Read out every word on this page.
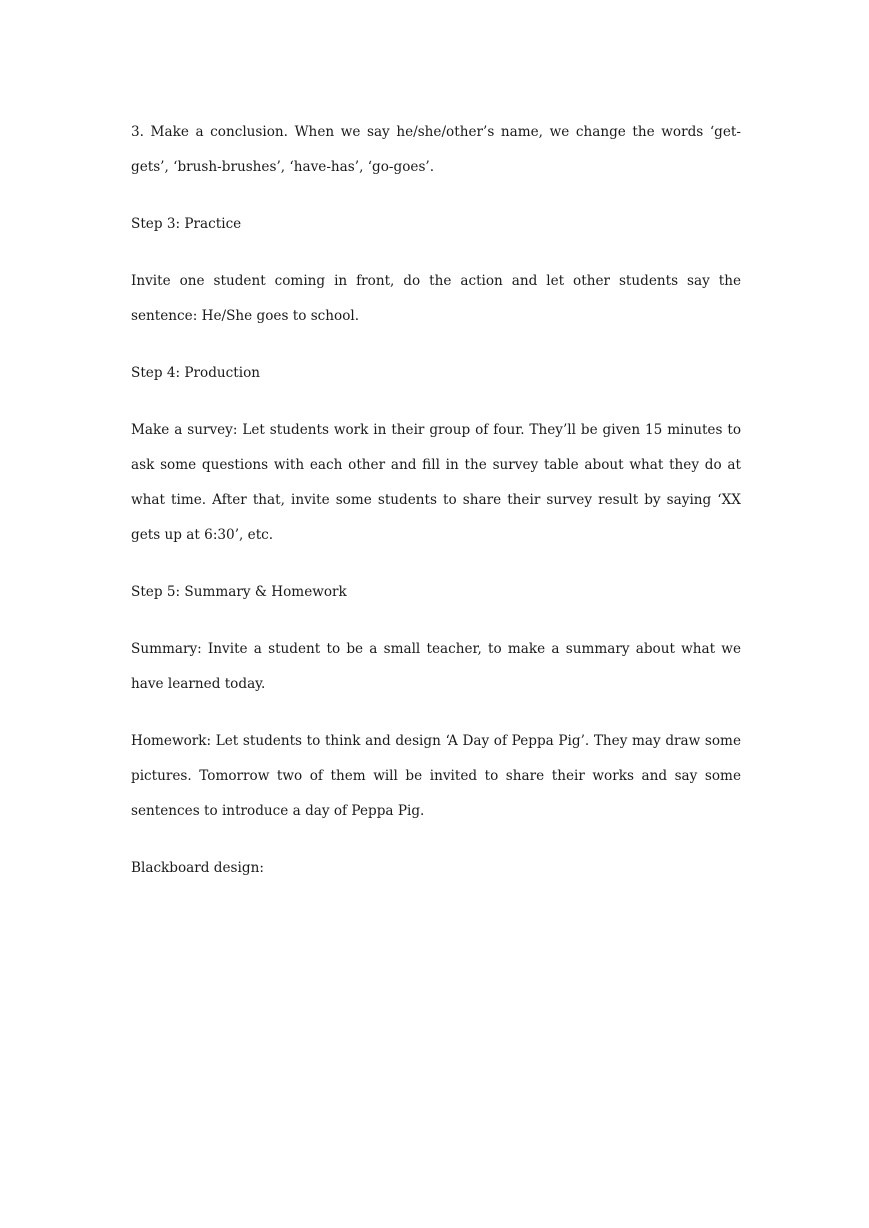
3. Make a conclusion. When we say he/she/other’s name, we change the words ‘get-gets’, ‘brush-brushes’, ‘have-has’, ‘go-goes’.

Step 3: Practice

Invite one student coming in front, do the action and let other students say the sentence: He/She goes to school.

Step 4: Production

Make a survey: Let students work in their group of four. They’ll be given 15 minutes to ask some questions with each other and fill in the survey table about what they do at what time. After that, invite some students to share their survey result by saying ‘XX gets up at 6:30’, etc.

Step 5: Summary & Homework

Summary: Invite a student to be a small teacher, to make a summary about what we have learned today.

Homework: Let students to think and design ‘A Day of Peppa Pig’. They may draw some pictures. Tomorrow two of them will be invited to share their works and say some sentences to introduce a day of Peppa Pig.

Blackboard design:
